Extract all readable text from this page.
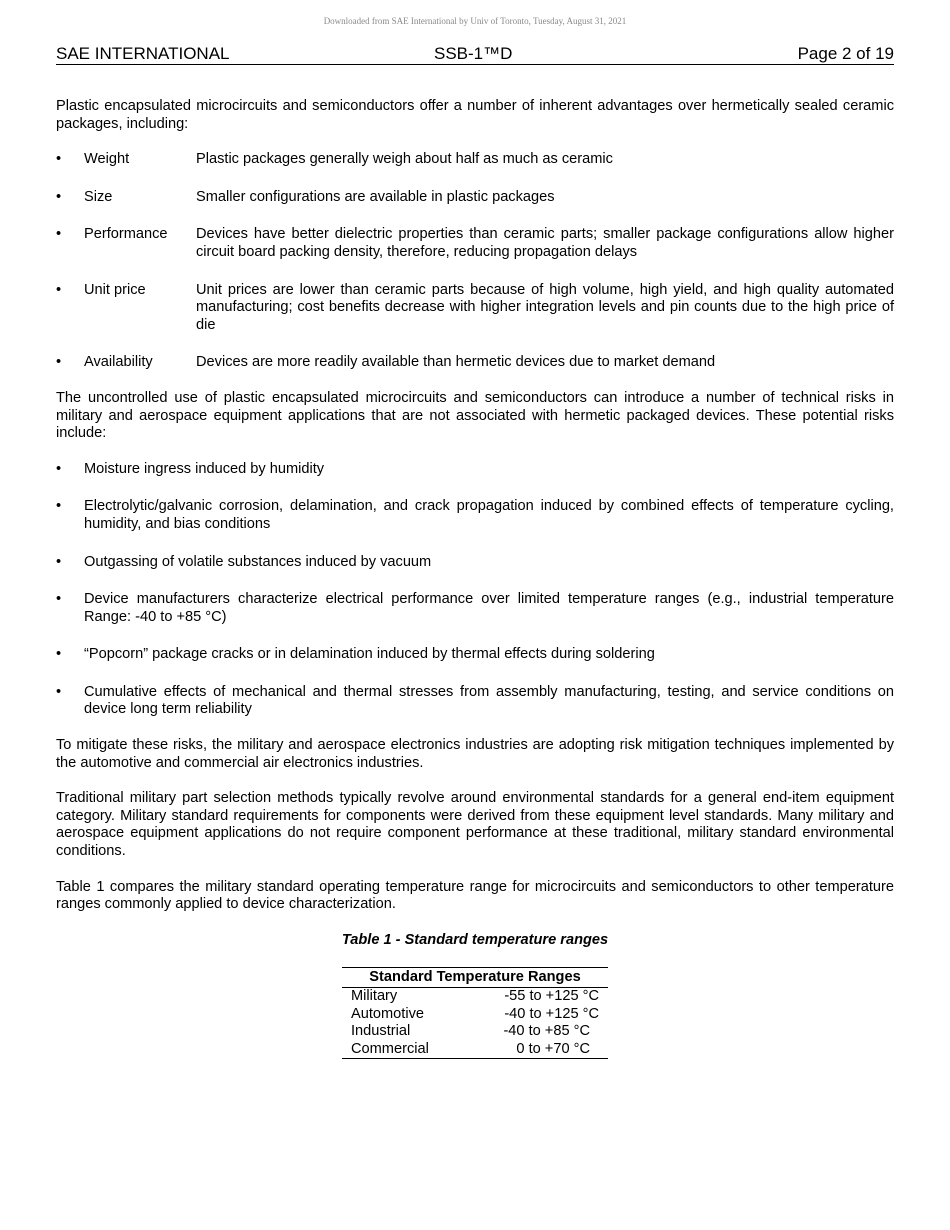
Downloaded from SAE International by Univ of Toronto, Tuesday, August 31, 2021
SAE INTERNATIONAL	SSB-1™D	Page 2 of 19

Plastic encapsulated microcircuits and semiconductors offer a number of inherent advantages over hermetically sealed ceramic packages, including:

•	Weight	Plastic packages generally weigh about half as much as ceramic
•	Size	Smaller configurations are available in plastic packages
•	Performance	Devices have better dielectric properties than ceramic parts; smaller package configurations allow higher circuit board packing density, therefore, reducing propagation delays
•	Unit price	Unit prices are lower than ceramic parts because of high volume, high yield, and high quality automated manufacturing; cost benefits decrease with higher integration levels and pin counts due to the high price of die
•	Availability	Devices are more readily available than hermetic devices due to market demand

The uncontrolled use of plastic encapsulated microcircuits and semiconductors can introduce a number of technical risks in military and aerospace equipment applications that are not associated with hermetic packaged devices. These potential risks include:

•	Moisture ingress induced by humidity
•	Electrolytic/galvanic corrosion, delamination, and crack propagation induced by combined effects of temperature cycling, humidity, and bias conditions
•	Outgassing of volatile substances induced by vacuum
•	Device manufacturers characterize electrical performance over limited temperature ranges (e.g., industrial temperature Range: -40 to +85 °C)
•	“Popcorn” package cracks or in delamination induced by thermal effects during soldering
•	Cumulative effects of mechanical and thermal stresses from assembly manufacturing, testing, and service conditions on device long term reliability

To mitigate these risks, the military and aerospace electronics industries are adopting risk mitigation techniques implemented by the automotive and commercial air electronics industries.

Traditional military part selection methods typically revolve around environmental standards for a general end-item equipment category. Military standard requirements for components were derived from these equipment level standards. Many military and aerospace equipment applications do not require component performance at these traditional, military standard environmental conditions.

Table 1 compares the military standard operating temperature range for microcircuits and semiconductors to other temperature ranges commonly applied to device characterization.

Table 1 - Standard temperature ranges
Standard Temperature Ranges	
Military	-55 to +125 °C
Automotive	-40 to +125 °C
Industrial	-40 to +85 °C
Commercial	0 to +70 °C
